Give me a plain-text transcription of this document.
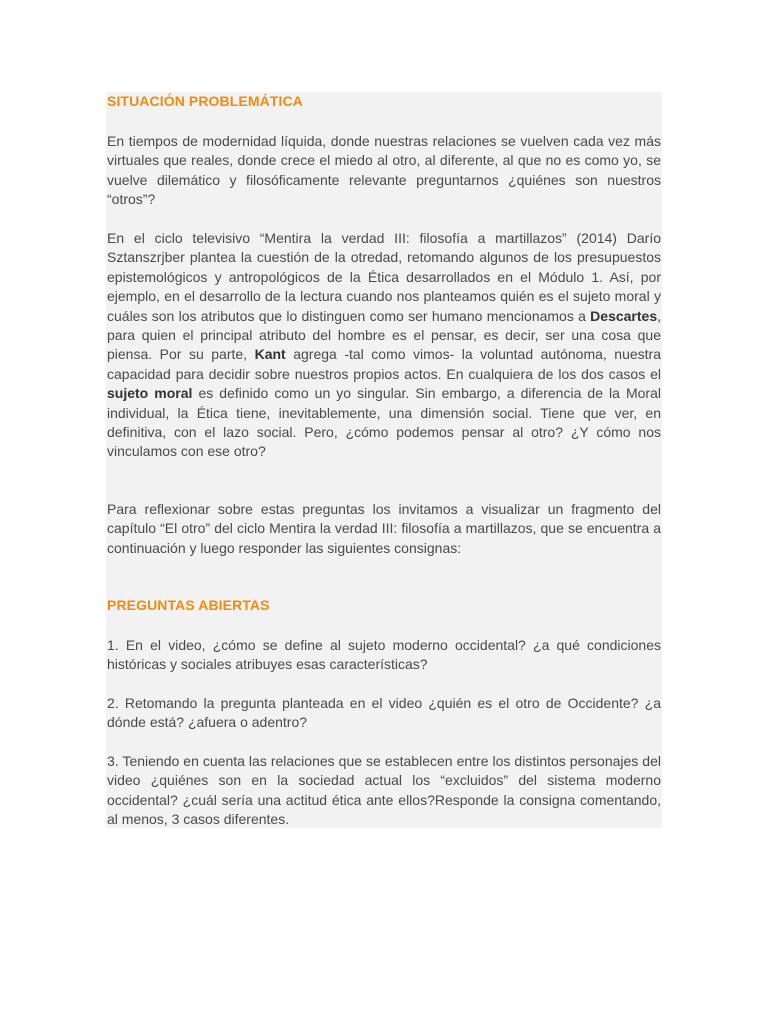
SITUACIÓN PROBLEMÁTICA

En tiempos de modernidad líquida, donde nuestras relaciones se vuelven cada vez más virtuales que reales, donde crece el miedo al otro, al diferente, al que no es como yo, se vuelve dilemático y filosóficamente relevante preguntarnos ¿quiénes son nuestros “otros”?

En el ciclo televisivo “Mentira la verdad III: filosofía a martillazos” (2014) Darío Sztanszrjber plantea la cuestión de la otredad, retomando algunos de los presupuestos epistemológicos y antropológicos de la Ética desarrollados en el Módulo 1. Así, por ejemplo, en el desarrollo de la lectura cuando nos planteamos quién es el sujeto moral y cuáles son los atributos que lo distinguen como ser humano mencionamos a Descartes, para quien el principal atributo del hombre es el pensar, es decir, ser una cosa que piensa. Por su parte, Kant agrega -tal como vimos- la voluntad autónoma, nuestra capacidad para decidir sobre nuestros propios actos. En cualquiera de los dos casos el sujeto moral es definido como un yo singular. Sin embargo, a diferencia de la Moral individual, la Ética tiene, inevitablemente, una dimensión social. Tiene que ver, en definitiva, con el lazo social. Pero, ¿cómo podemos pensar al otro? ¿Y cómo nos vinculamos con ese otro?

Para reflexionar sobre estas preguntas los invitamos a visualizar un fragmento del capítulo “El otro” del ciclo Mentira la verdad III: filosofía a martillazos, que se encuentra a continuación y luego responder las siguientes consignas:

PREGUNTAS ABIERTAS

1. En el video, ¿cómo se define al sujeto moderno occidental? ¿a qué condiciones históricas y sociales atribuyes esas características?

2. Retomando la pregunta planteada en el video ¿quién es el otro de Occidente? ¿a dónde está? ¿afuera o adentro?

3. Teniendo en cuenta las relaciones que se establecen entre los distintos personajes del video ¿quiénes son en la sociedad actual los “excluidos” del sistema moderno occidental? ¿cuál sería una actitud ética ante ellos?Responde la consigna comentando, al menos, 3 casos diferentes.
